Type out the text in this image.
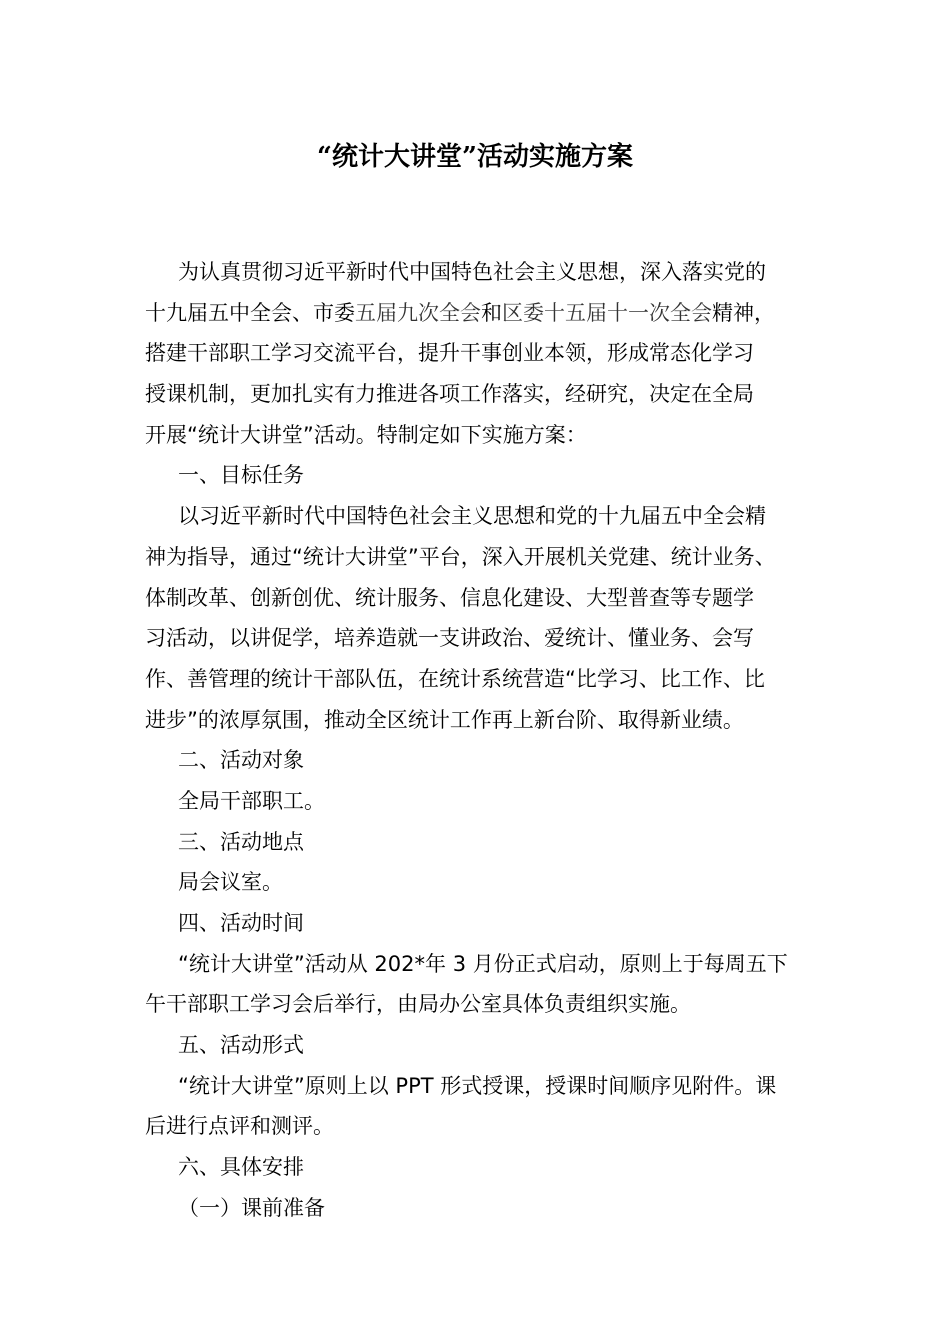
“统计大讲堂”活动实施方案
为认真贯彻习近平新时代中国特色社会主义思想，深入落实党的
十九届五中全会、市委五届九次全会和区委十五届十一次全会精神，
搭建干部职工学习交流平台，提升干事创业本领，形成常态化学习
授课机制，更加扎实有力推进各项工作落实，经研究，决定在全局
开展“统计大讲堂”活动。特制定如下实施方案：
一、目标任务
以习近平新时代中国特色社会主义思想和党的十九届五中全会精
神为指导，通过“统计大讲堂”平台，深入开展机关党建、统计业务、
体制改革、创新创优、统计服务、信息化建设、大型普查等专题学
习活动，以讲促学，培养造就一支讲政治、爱统计、懂业务、会写
作、善管理的统计干部队伍，在统计系统营造“比学习、比工作、比
进步”的浓厚氛围，推动全区统计工作再上新台阶、取得新业绩。
二、活动对象
全局干部职工。
三、活动地点
局会议室。
四、活动时间
“统计大讲堂”活动从 202*年 3 月份正式启动，原则上于每周五下
午干部职工学习会后举行，由局办公室具体负责组织实施。
五、活动形式
“统计大讲堂”原则上以 PPT 形式授课，授课时间顺序见附件。课
后进行点评和测评。
六、具体安排
（一）课前准备
